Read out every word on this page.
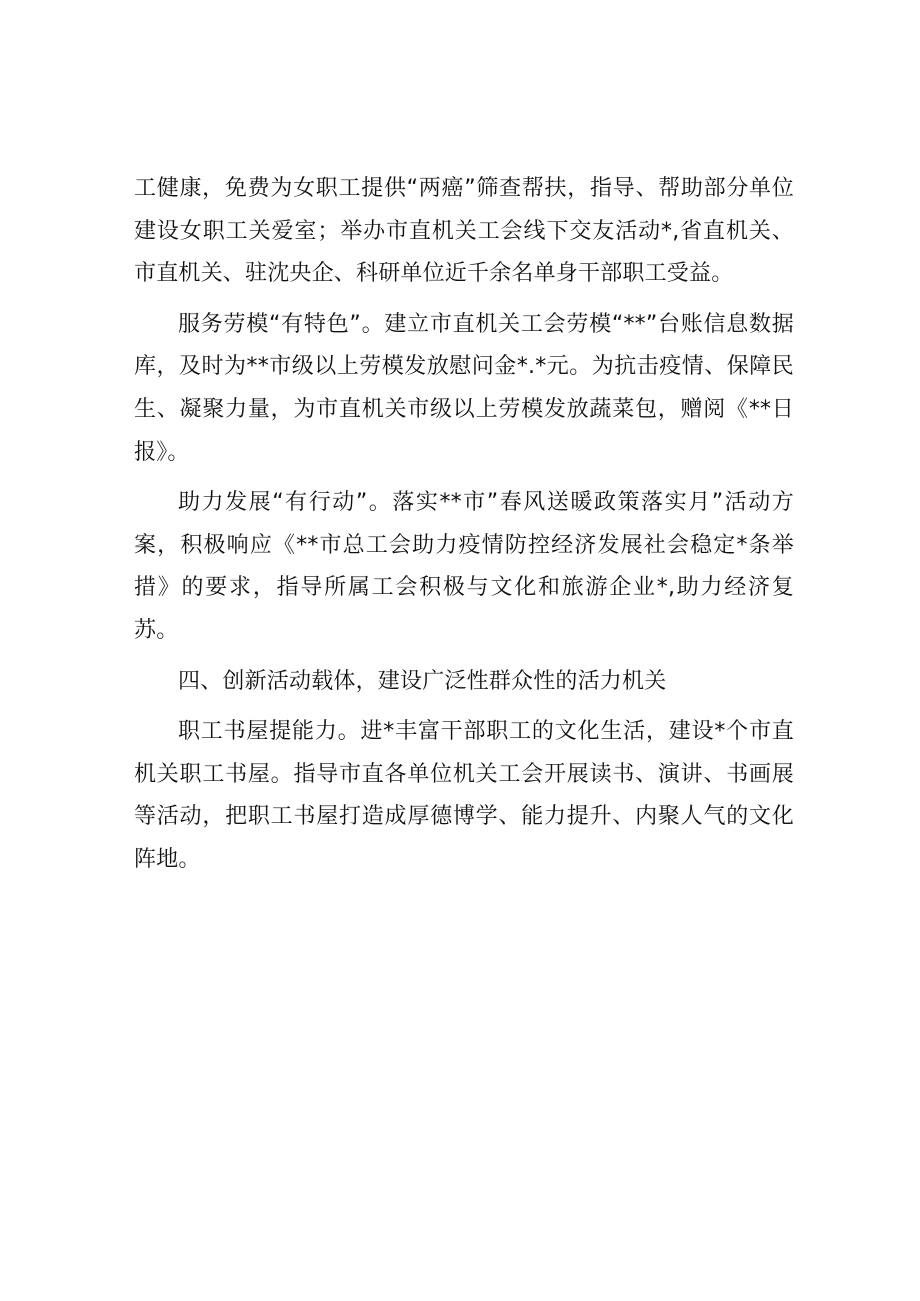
工健康，免费为女职工提供“两癌”筛查帮扶，指导、帮助部分单位建设女职工关爱室；举办市直机关工会线下交友活动*,省直机关、市直机关、驻沈央企、科研单位近千余名单身干部职工受益。

服务劳模“有特色”。建立市直机关工会劳模“**”台账信息数据库，及时为**市级以上劳模发放慰问金*.*元。为抗击疫情、保障民生、凝聚力量，为市直机关市级以上劳模发放蔬菜包，赠阅《**日报》。

助力发展“有行动”。落实**市”春风送暖政策落实月”活动方案，积极响应《**市总工会助力疫情防控经济发展社会稳定*条举措》的要求，指导所属工会积极与文化和旅游企业*,助力经济复苏。

四、创新活动载体，建设广泛性群众性的活力机关

职工书屋提能力。进*丰富干部职工的文化生活，建设*个市直机关职工书屋。指导市直各单位机关工会开展读书、演讲、书画展等活动，把职工书屋打造成厚德博学、能力提升、内聚人气的文化阵地。
